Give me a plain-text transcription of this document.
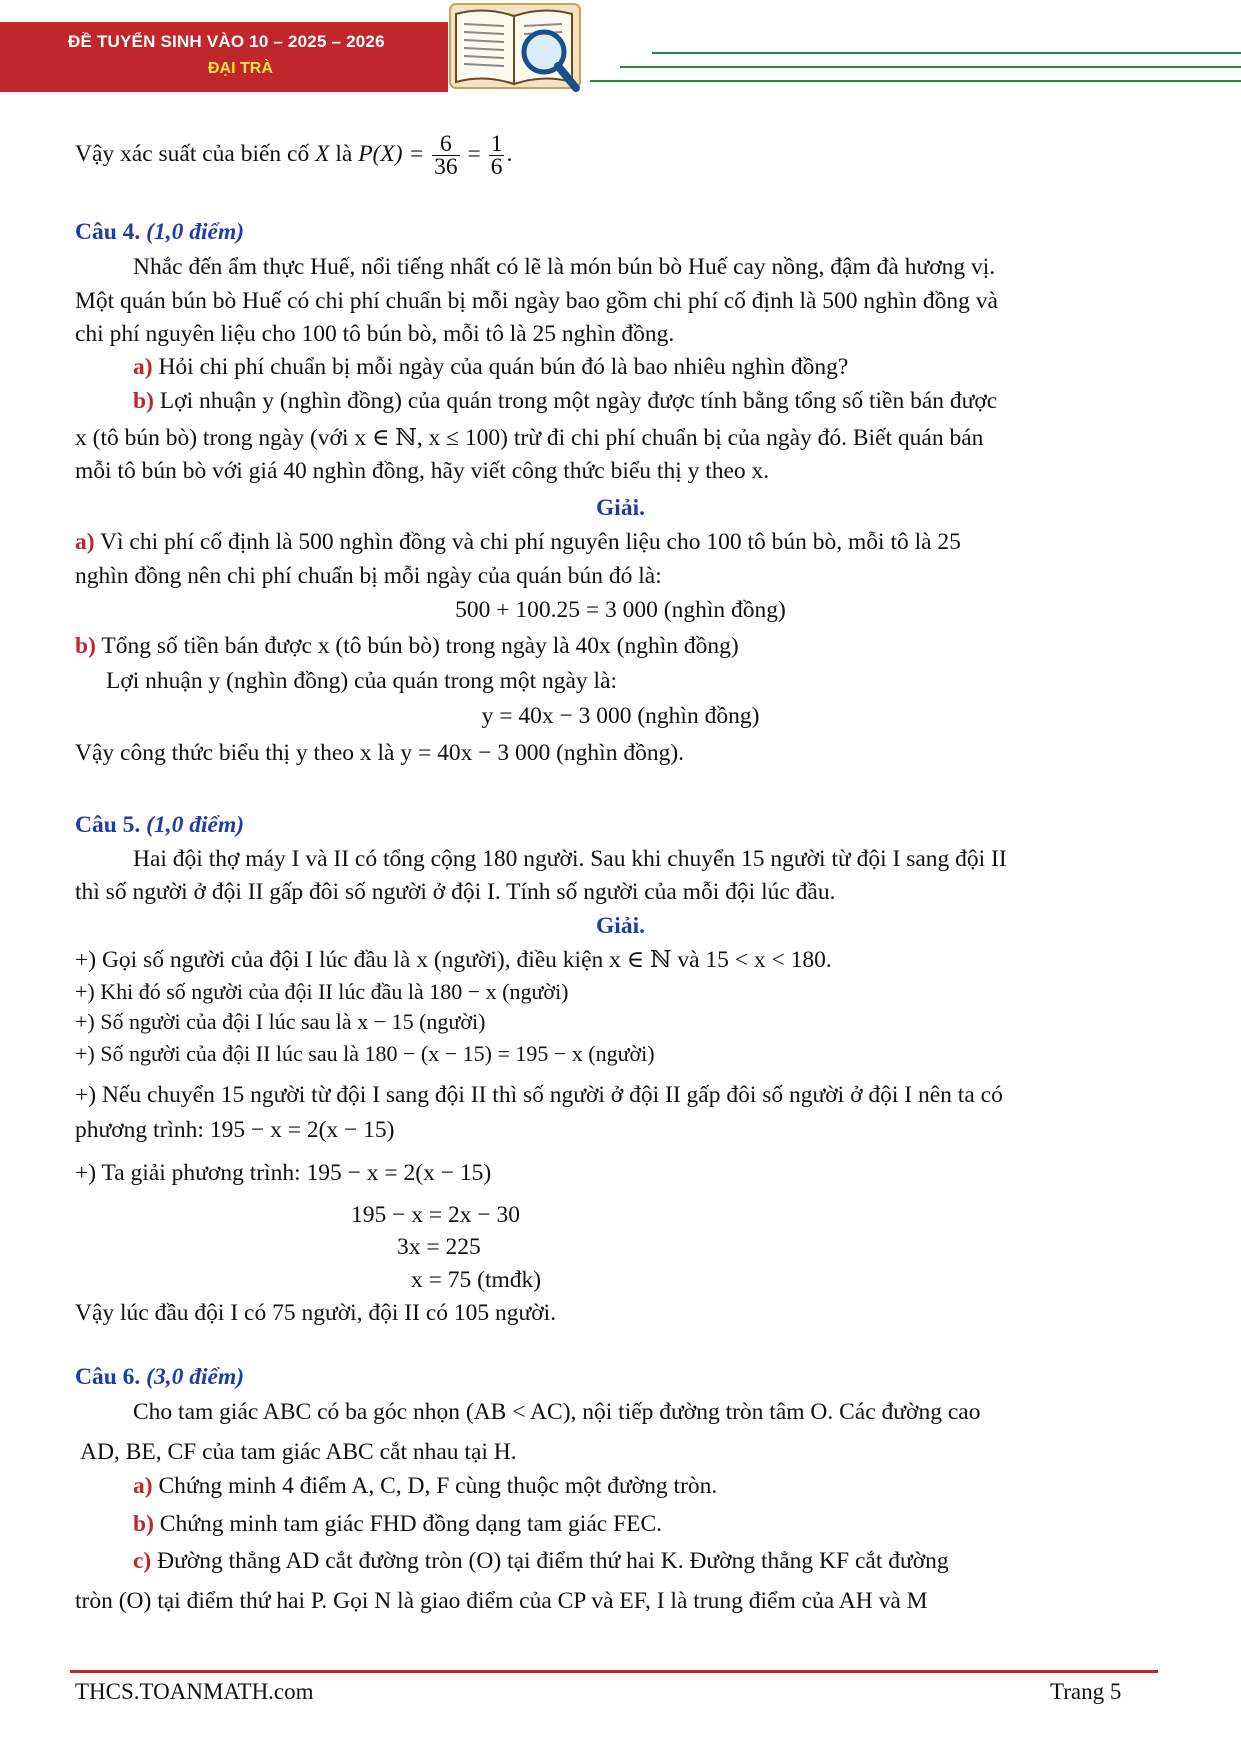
ĐỀ TUYỂN SINH VÀO 10 – 2025 – 2026
ĐẠI TRÀ
Vậy xác suất của biến cố X là $P(X) = \frac{6}{36} = \frac{1}{6}$ .
Câu 4. (1,0 điểm)
Nhắc đến ẩm thực Huế, nổi tiếng nhất có lẽ là món bún bò Huế cay nồng, đậm đà hương vị.
Một quán bún bò Huế có chi phí chuẩn bị mỗi ngày bao gồm chi phí cố định là 500 nghìn đồng và
chi phí nguyên liệu cho 100 tô bún bò, mỗi tô là 25 nghìn đồng.
a) Hỏi chi phí chuẩn bị mỗi ngày của quán bún đó là bao nhiêu nghìn đồng?
b) Lợi nhuận y (nghìn đồng) của quán trong một ngày được tính bằng tổng số tiền bán được
x (tô bún bò) trong ngày (với x ∈ ℕ, x ≤ 100) trừ đi chi phí chuẩn bị của ngày đó. Biết quán bán
mỗi tô bún bò với giá 40 nghìn đồng, hãy viết công thức biểu thị y theo x.
Giải.
a) Vì chi phí cố định là 500 nghìn đồng và chi phí nguyên liệu cho 100 tô bún bò, mỗi tô là 25
nghìn đồng nên chi phí chuẩn bị mỗi ngày của quán bún đó là:
500 + 100.25 = 3 000 (nghìn đồng)
b) Tổng số tiền bán được x (tô bún bò) trong ngày là 40x (nghìn đồng)
Lợi nhuận y (nghìn đồng) của quán trong một ngày là:
y = 40x − 3 000 (nghìn đồng)
Vậy công thức biểu thị y theo x là y = 40x − 3 000 (nghìn đồng).
Câu 5. (1,0 điểm)
Hai đội thợ máy I và II có tổng cộng 180 người. Sau khi chuyển 15 người từ đội I sang đội II
thì số người ở đội II gấp đôi số người ở đội I. Tính số người của mỗi đội lúc đầu.
Giải.
+) Gọi số người của đội I lúc đầu là x (người), điều kiện x ∈ ℕ và 15 < x < 180.
+) Khi đó số người của đội II lúc đầu là 180 − x (người)
+) Số người của đội I lúc sau là x − 15 (người)
+) Số người của đội II lúc sau là 180 − (x − 15) = 195 − x (người)
+) Nếu chuyển 15 người từ đội I sang đội II thì số người ở đội II gấp đôi số người ở đội I nên ta có
phương trình: 195 − x = 2(x − 15)
+) Ta giải phương trình: 195 − x = 2(x − 15)
195 − x = 2x − 30
3x = 225
x = 75 (tmđk)
Vậy lúc đầu đội I có 75 người, đội II có 105 người.
Câu 6. (3,0 điểm)
Cho tam giác ABC có ba góc nhọn (AB < AC), nội tiếp đường tròn tâm O. Các đường cao
AD, BE, CF của tam giác ABC cắt nhau tại H.
a) Chứng minh 4 điểm A, C, D, F cùng thuộc một đường tròn.
b) Chứng minh tam giác FHD đồng dạng tam giác FEC.
c) Đường thẳng AD cắt đường tròn (O) tại điểm thứ hai K. Đường thẳng KF cắt đường
tròn (O) tại điểm thứ hai P. Gọi N là giao điểm của CP và EF, I là trung điểm của AH và M
THCS.TOANMATH.com	Trang 5
